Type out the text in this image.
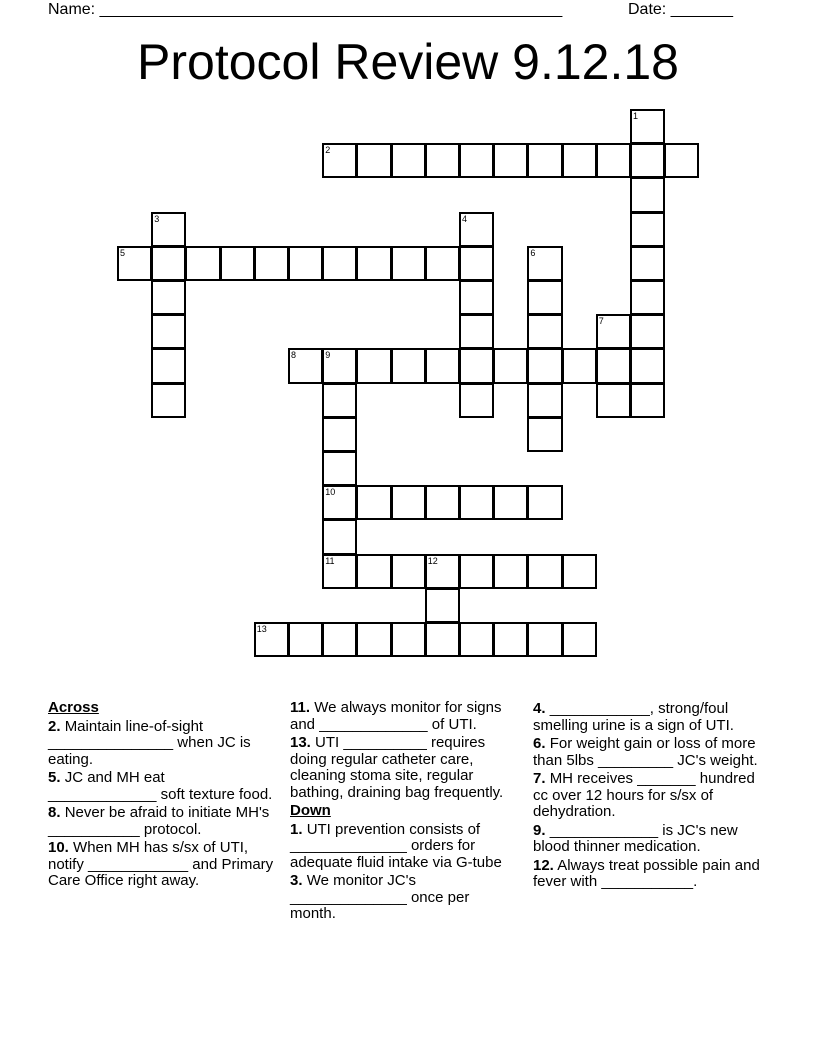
Name: ____________________________________________________	Date: _______
Protocol Review 9.12.18
1
2
3	4
5	6
7
8	9
10
11	12
13
Across
2. Maintain line-of-sight _______________ when JC is eating.
5. JC and MH eat _____________ soft texture food.
8. Never be afraid to initiate MH's ___________ protocol.
10. When MH has s/sx of UTI, notify ____________ and Primary Care Office right away.
11. We always monitor for signs and _____________ of UTI.
13. UTI __________ requires doing regular catheter care, cleaning stoma site, regular bathing, draining bag frequently.
Down
1. UTI prevention consists of ______________ orders for adequate fluid intake via G-tube
3. We monitor JC's ______________ once per month.
4. ____________, strong/foul smelling urine is a sign of UTI.
6. For weight gain or loss of more than 5lbs _________ JC's weight.
7. MH receives _______ hundred cc over 12 hours for s/sx of dehydration.
9. _____________ is JC's new blood thinner medication.
12. Always treat possible pain and fever with ___________.
